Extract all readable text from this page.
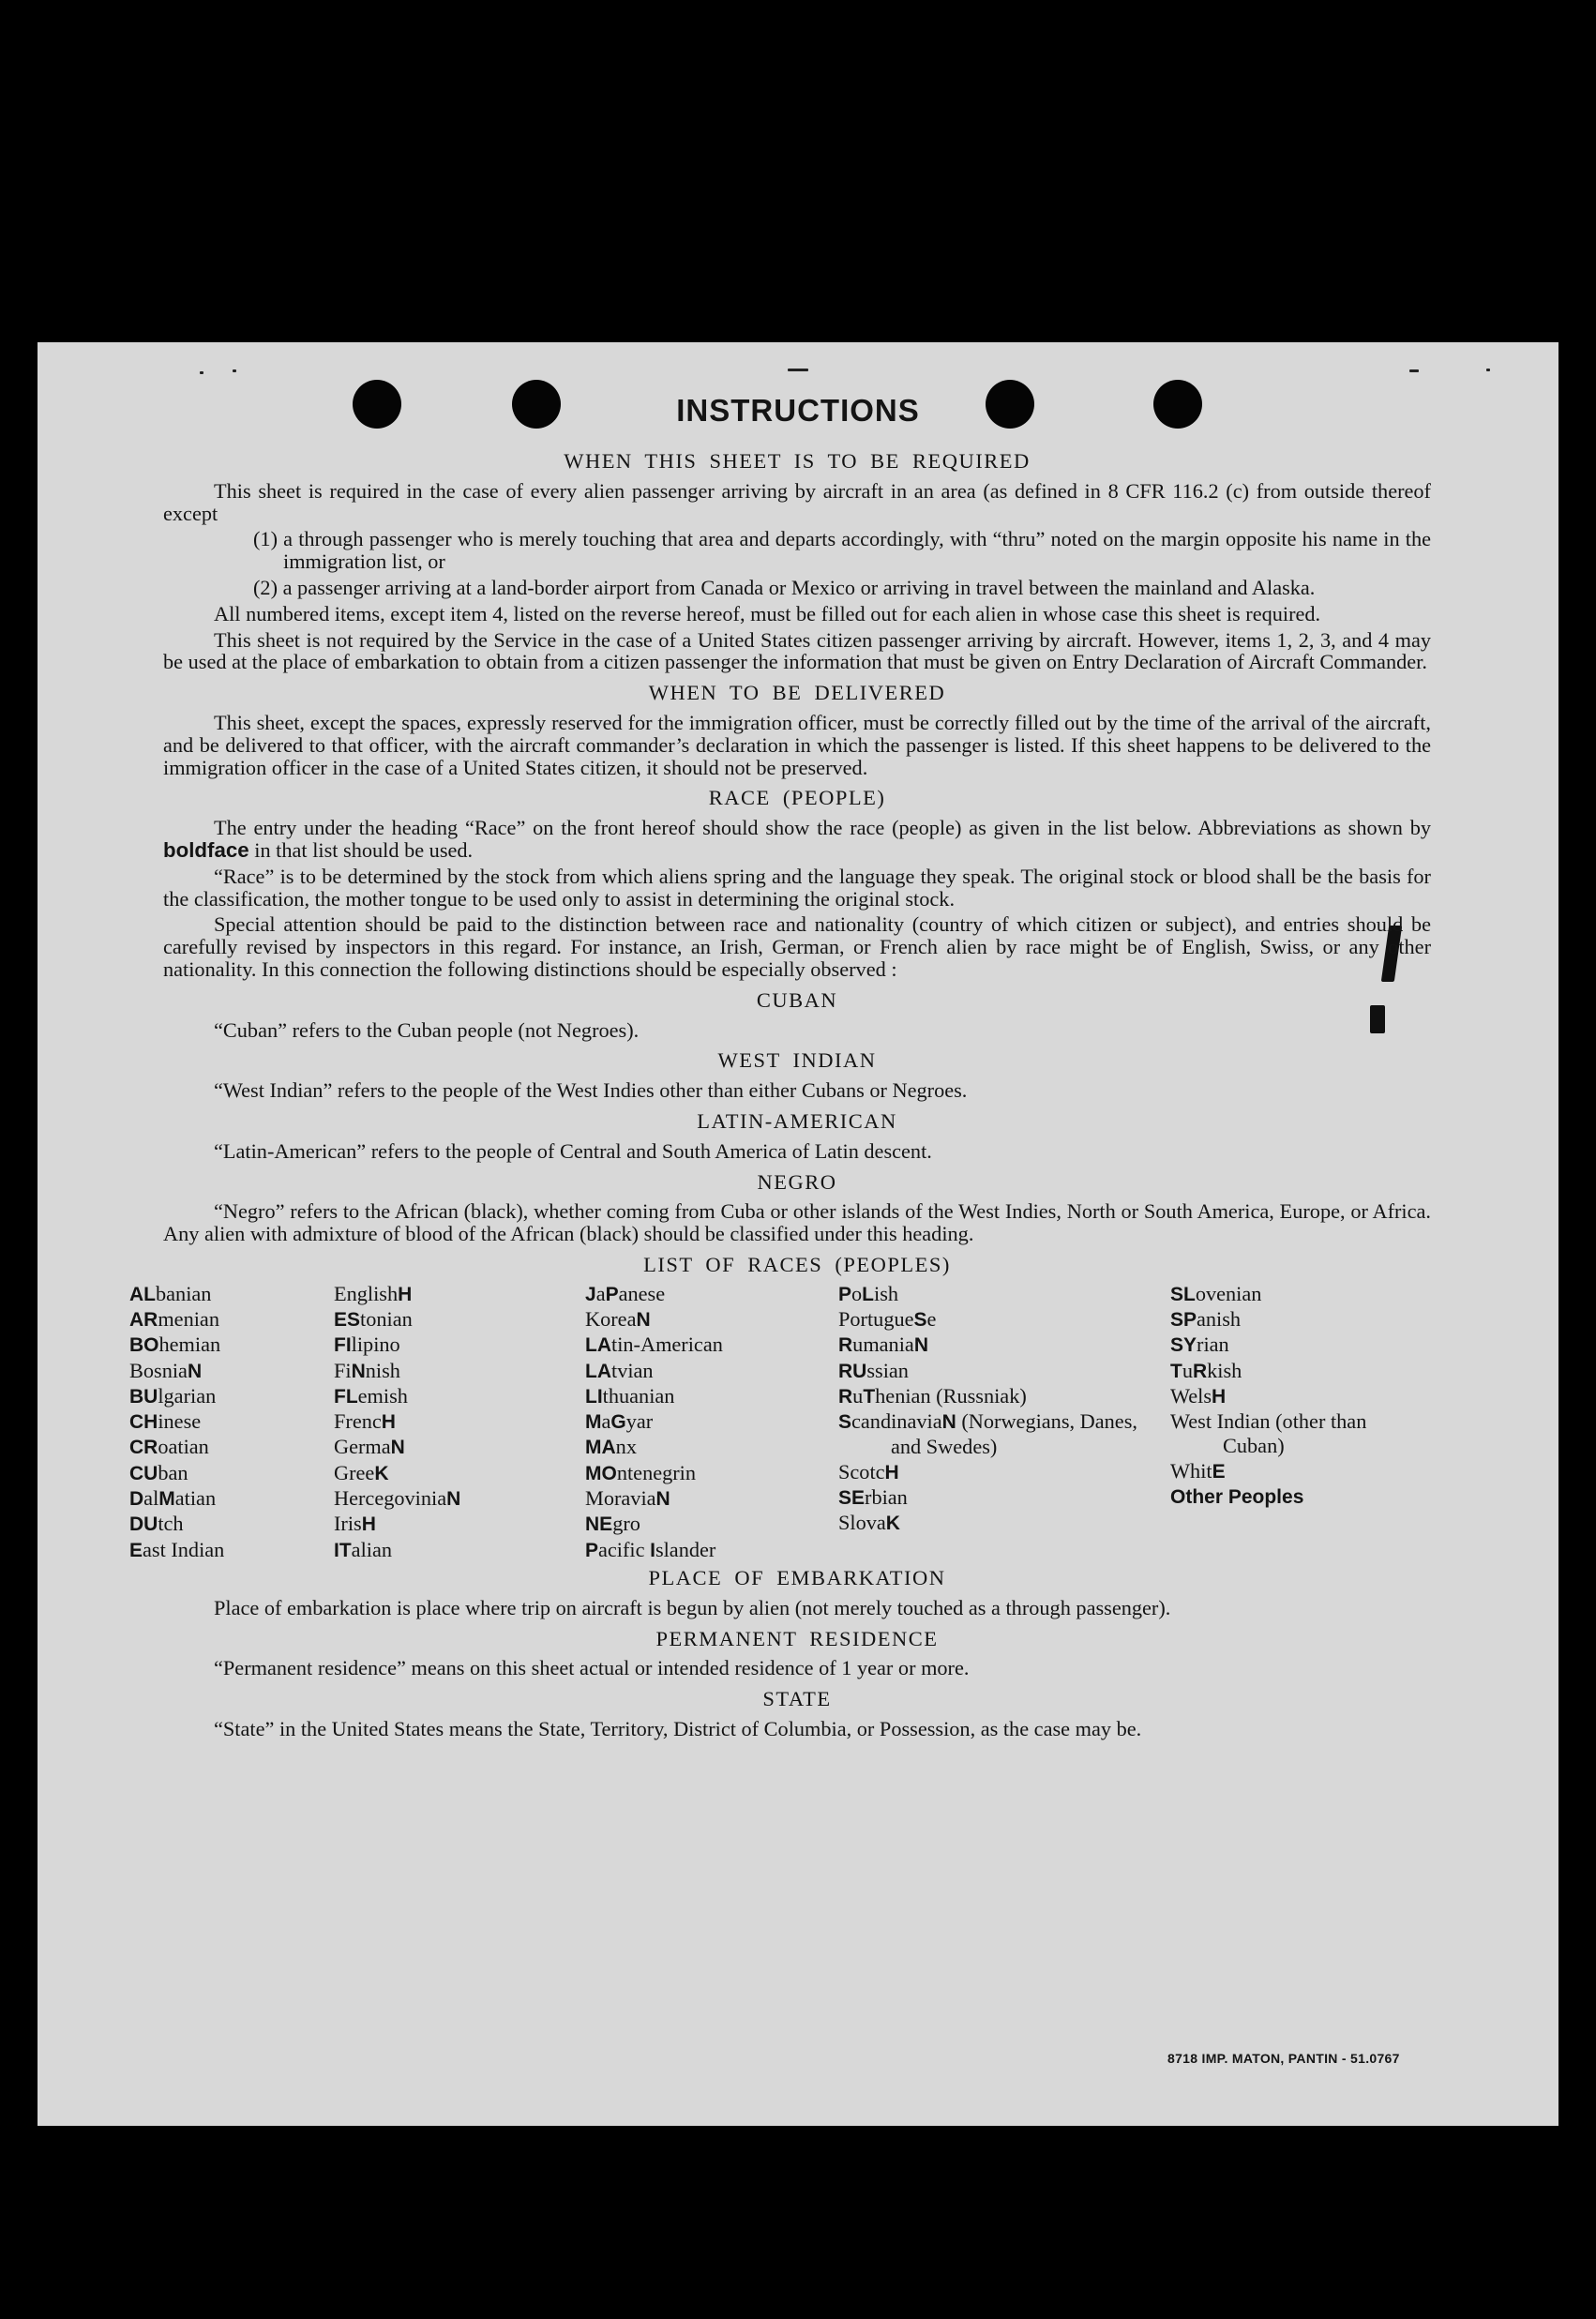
INSTRUCTIONS
WHEN THIS SHEET IS TO BE REQUIRED

This sheet is required in the case of every alien passenger arriving by aircraft in an area (as defined in 8 CFR 116.2 (c) from outside thereof except

(1) a through passenger who is merely touching that area and departs accordingly, with “thru” noted on the margin opposite his name in the immigration list, or

(2) a passenger arriving at a land-border airport from Canada or Mexico or arriving in travel between the mainland and Alaska.

All numbered items, except item 4, listed on the reverse hereof, must be filled out for each alien in whose case this sheet is required.

This sheet is not required by the Service in the case of a United States citizen passenger arriving by aircraft. However, items 1, 2, 3, and 4 may be used at the place of embarkation to obtain from a citizen passenger the information that must be given on Entry Declaration of Aircraft Commander.

WHEN TO BE DELIVERED

This sheet, except the spaces, expressly reserved for the immigration officer, must be correctly filled out by the time of the arrival of the aircraft, and be delivered to that officer, with the aircraft commander’s declaration in which the passenger is listed. If this sheet happens to be delivered to the immigration officer in the case of a United States citizen, it should not be preserved.

RACE (PEOPLE)

The entry under the heading “Race” on the front hereof should show the race (people) as given in the list below. Abbreviations as shown by boldface in that list should be used.

“Race” is to be determined by the stock from which aliens spring and the language they speak. The original stock or blood shall be the basis for the classification, the mother tongue to be used only to assist in determining the original stock.

Special attention should be paid to the distinction between race and nationality (country of which citizen or subject), and entries should be carefully revised by inspectors in this regard. For instance, an Irish, German, or French alien by race might be of English, Swiss, or any other nationality. In this connection the following distinctions should be especially observed :

CUBAN

“Cuban” refers to the Cuban people (not Negroes).

WEST INDIAN

“West Indian” refers to the people of the West Indies other than either Cubans or Negroes.

LATIN-AMERICAN

“Latin-American” refers to the people of Central and South America of Latin descent.

NEGRO

“Negro” refers to the African (black), whether coming from Cuba or other islands of the West Indies, North or South America, Europe, or Africa. Any alien with admixture of blood of the African (black) should be classified under this heading.

LIST OF RACES (PEOPLES)
ALbanian
ARmenian
BOhemian
BosniaN
BUlgarian
CHinese
CRoatian
CUban
DalMatian
DUtch
East Indian
EnglishH
EStonian
FIlipino
FiNnish
FLemish
FrencH
GermaN
GreeK
HercegoviniaN
IrisH
ITalian
JaPanese
KoreaN
LAtin-American
LAtvian
LIthuanian
MaGyar
MAnx
MOntenegrin
MoraviaN
NEgro
Pacific Islander
PoLish
PortugueSe
RumaniaN
RUssian
RuThenian (Russniak)
ScandinaviaN (Norwegians, Danes, and Swedes)
ScotcH
SErbian
SlovaK
SLovenian
SPanish
SYrian
TuRkish
WelsH
West Indian (other than Cuban)
WhitE
Other Peoples
PLACE OF EMBARKATION

Place of embarkation is place where trip on aircraft is begun by alien (not merely touched as a through passenger).

PERMANENT RESIDENCE

“Permanent residence” means on this sheet actual or intended residence of 1 year or more.

STATE

“State” in the United States means the State, Territory, District of Columbia, or Possession, as the case may be.

8718 IMP. MATON, PANTIN - 51.0767
